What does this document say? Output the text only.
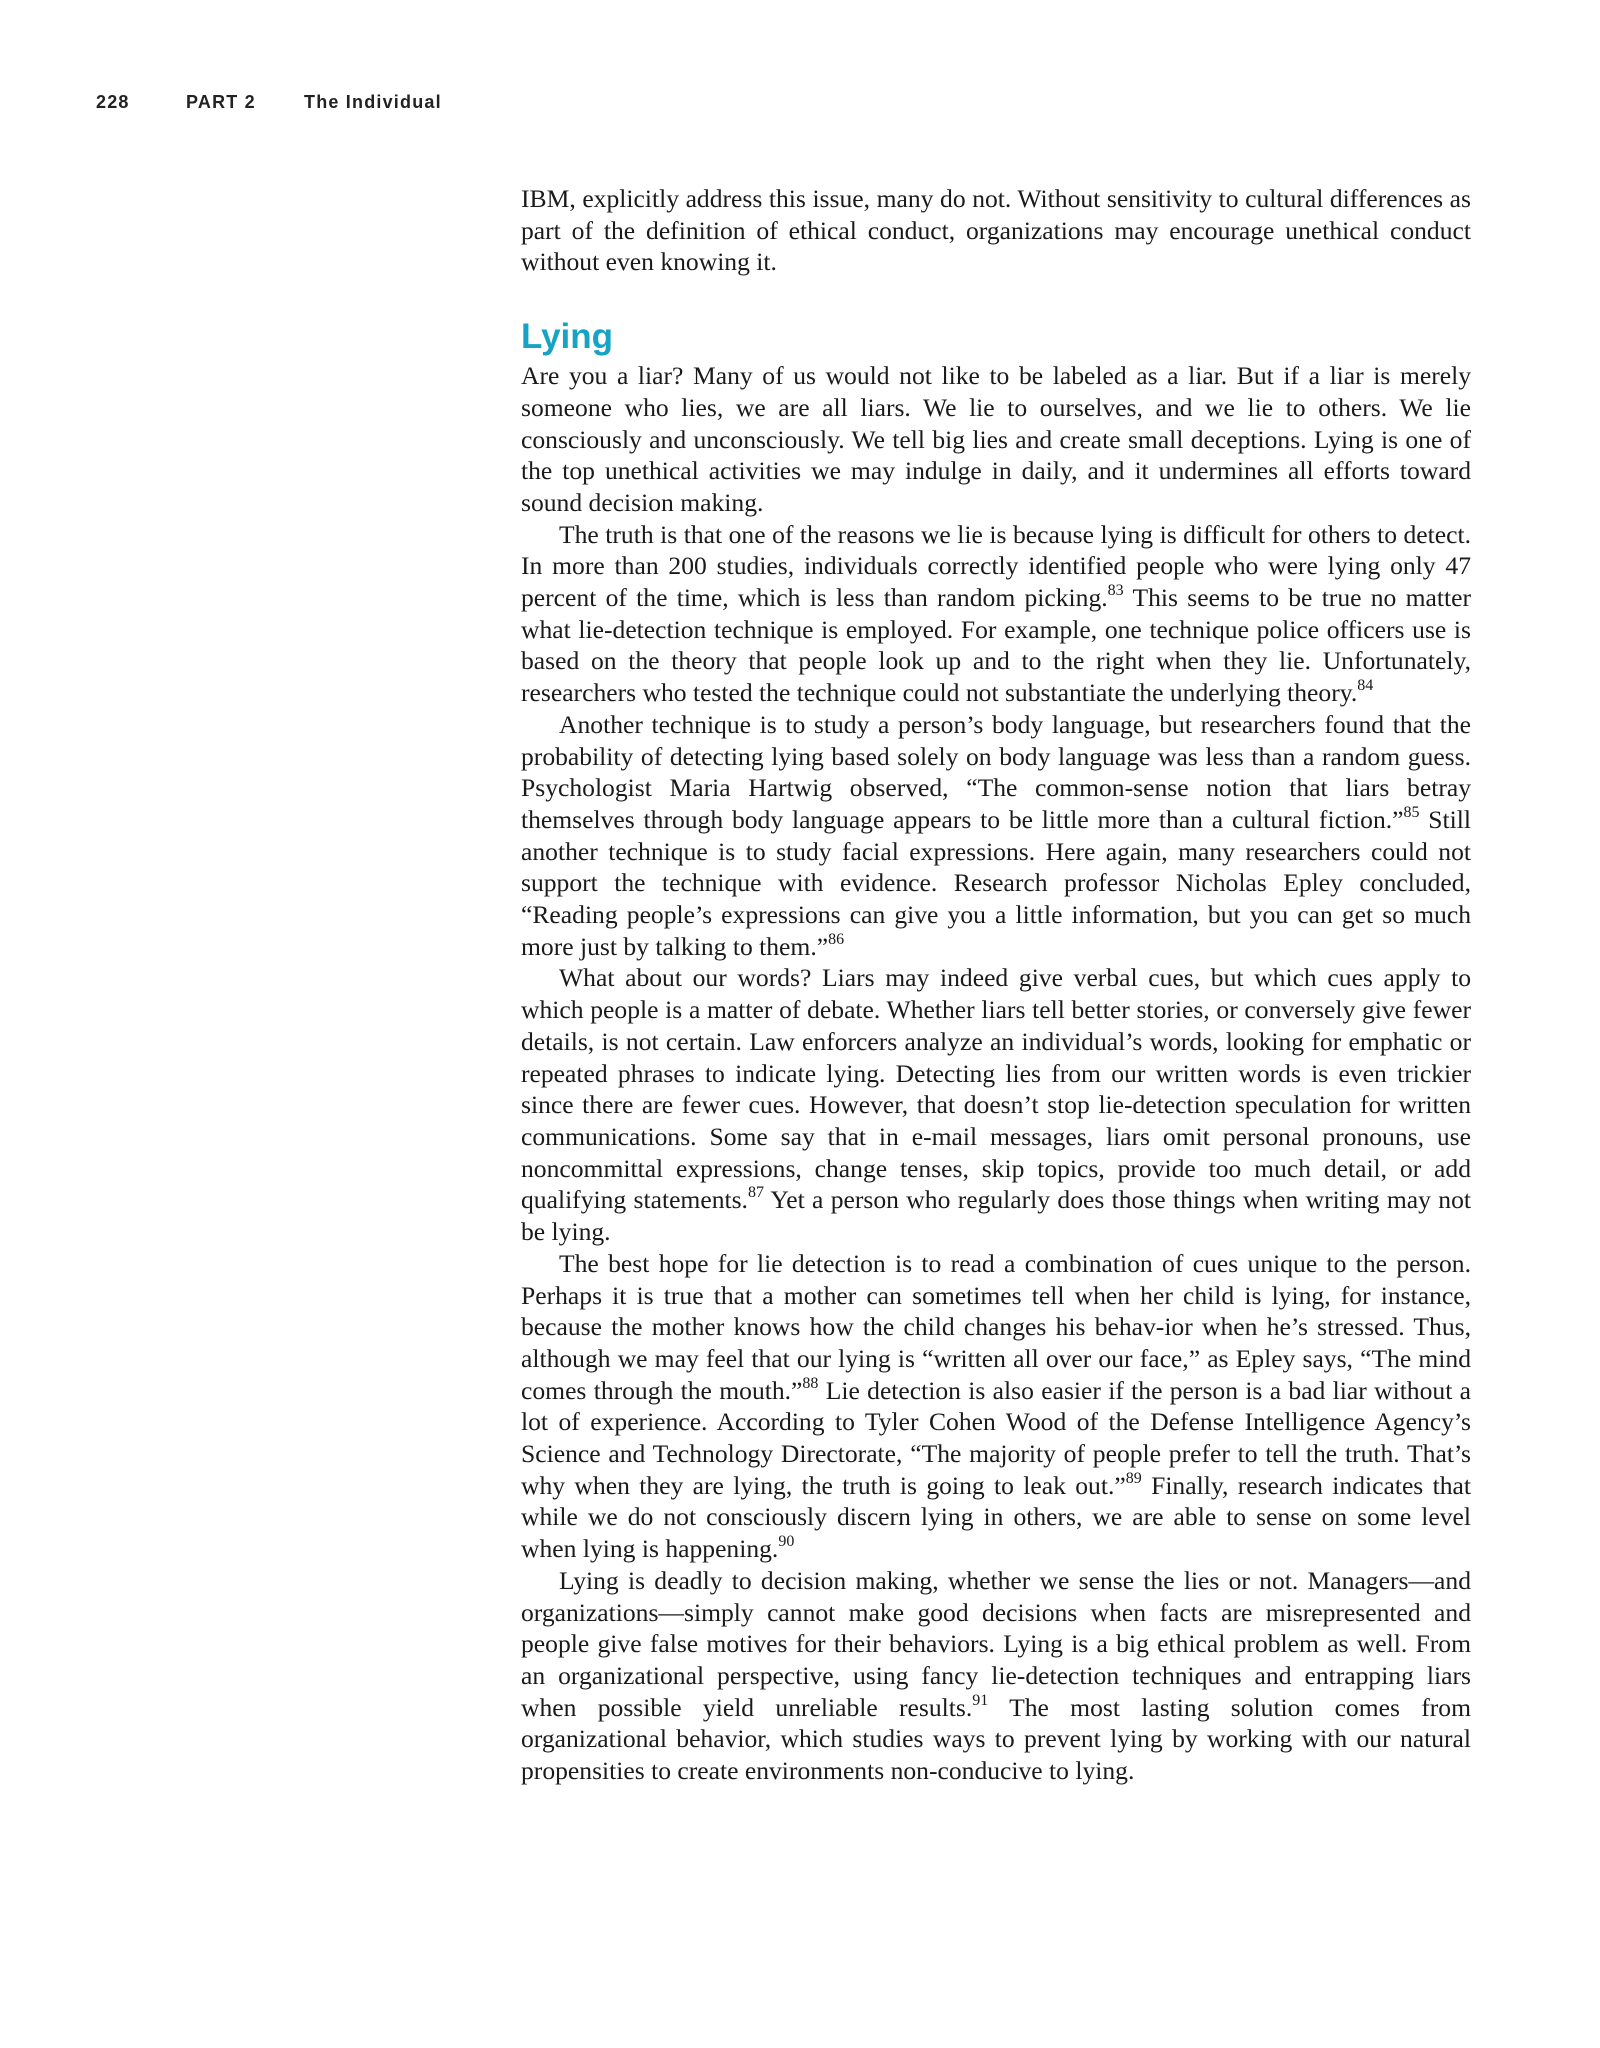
228	PART 2	The Individual

IBM, explicitly address this issue, many do not. Without sensitivity to cultural differences as part of the definition of ethical conduct, organizations may encourage unethical conduct without even knowing it.

Lying

Are you a liar? Many of us would not like to be labeled as a liar. But if a liar is merely someone who lies, we are all liars. We lie to ourselves, and we lie to others. We lie consciously and unconsciously. We tell big lies and create small deceptions. Lying is one of the top unethical activities we may indulge in daily, and it undermines all efforts toward sound decision making.

The truth is that one of the reasons we lie is because lying is difficult for others to detect. In more than 200 studies, individuals correctly identified people who were lying only 47 percent of the time, which is less than random picking.$^{83}$ This seems to be true no matter what lie-detection technique is employed. For example, one technique police officers use is based on the theory that people look up and to the right when they lie. Unfortunately, researchers who tested the technique could not substantiate the underlying theory.$^{84}$

Another technique is to study a person’s body language, but researchers found that the probability of detecting lying based solely on body language was less than a random guess. Psychologist Maria Hartwig observed, “The common-sense notion that liars betray themselves through body language appears to be little more than a cultural fiction.”$^{85}$ Still another technique is to study facial expressions. Here again, many researchers could not support the technique with evidence. Research professor Nicholas Epley concluded, “Reading people’s expressions can give you a little information, but you can get so much more just by talking to them.”$^{86}$

What about our words? Liars may indeed give verbal cues, but which cues apply to which people is a matter of debate. Whether liars tell better stories, or conversely give fewer details, is not certain. Law enforcers analyze an individual’s words, looking for emphatic or repeated phrases to indicate lying. Detecting lies from our written words is even trickier since there are fewer cues. However, that doesn’t stop lie-detection speculation for written communications. Some say that in e-mail messages, liars omit personal pronouns, use noncommittal expressions, change tenses, skip topics, provide too much detail, or add qualifying statements.$^{87}$ Yet a person who regularly does those things when writing may not be lying.

The best hope for lie detection is to read a combination of cues unique to the person. Perhaps it is true that a mother can sometimes tell when her child is lying, for instance, because the mother knows how the child changes his behav-ior when he’s stressed. Thus, although we may feel that our lying is “written all over our face,” as Epley says, “The mind comes through the mouth.”$^{88}$ Lie detection is also easier if the person is a bad liar without a lot of experience. According to Tyler Cohen Wood of the Defense Intelligence Agency’s Science and Technology Directorate, “The majority of people prefer to tell the truth. That’s why when they are lying, the truth is going to leak out.”$^{89}$ Finally, research indicates that while we do not consciously discern lying in others, we are able to sense on some level when lying is happening.$^{90}$

Lying is deadly to decision making, whether we sense the lies or not. Managers—and organizations—simply cannot make good decisions when facts are misrepresented and people give false motives for their behaviors. Lying is a big ethical problem as well. From an organizational perspective, using fancy lie-detection techniques and entrapping liars when possible yield unreliable results.$^{91}$ The most lasting solution comes from organizational behavior, which studies ways to prevent lying by working with our natural propensities to create environments non-conducive to lying.
